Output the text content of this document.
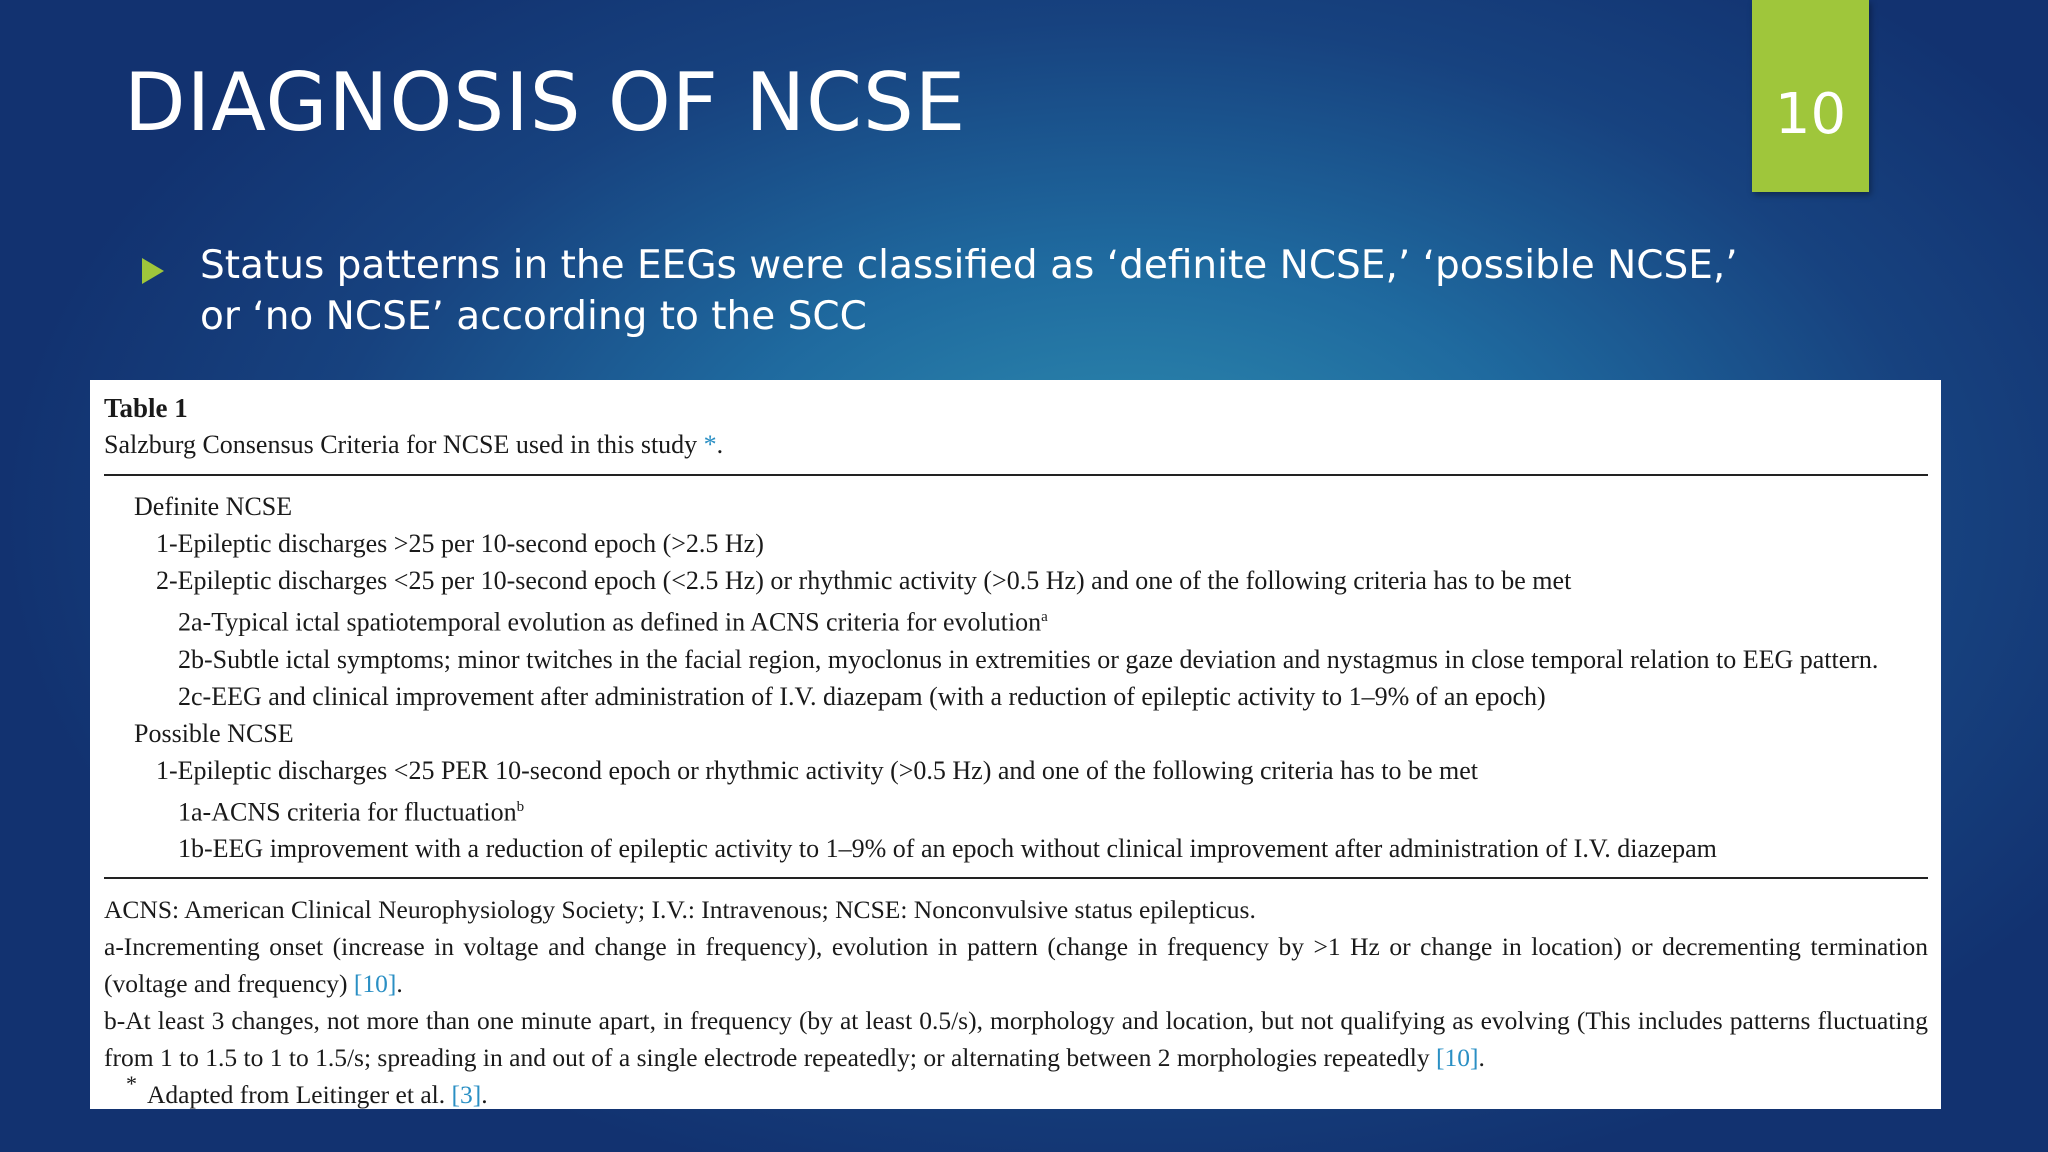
DIAGNOSIS OF NCSE	10
Status patterns in the EEGs were classified as ‘definite NCSE,’ ‘possible NCSE,’ or ‘no NCSE’ according to the SCC
Table 1
Salzburg Consensus Criteria for NCSE used in this study *.
Definite NCSE
1-Epileptic discharges >25 per 10-second epoch (>2.5 Hz)
2-Epileptic discharges <25 per 10-second epoch (<2.5 Hz) or rhythmic activity (>0.5 Hz) and one of the following criteria has to be met
2a-Typical ictal spatiotemporal evolution as defined in ACNS criteria for evolution$^a$
2b-Subtle ictal symptoms; minor twitches in the facial region, myoclonus in extremities or gaze deviation and nystagmus in close temporal relation to EEG pattern.
2c-EEG and clinical improvement after administration of I.V. diazepam (with a reduction of epileptic activity to 1–9% of an epoch)
Possible NCSE
1-Epileptic discharges <25 PER 10-second epoch or rhythmic activity (>0.5 Hz) and one of the following criteria has to be met
1a-ACNS criteria for fluctuation$^b$
1b-EEG improvement with a reduction of epileptic activity to 1–9% of an epoch without clinical improvement after administration of I.V. diazepam
ACNS: American Clinical Neurophysiology Society; I.V.: Intravenous; NCSE: Nonconvulsive status epilepticus.
a-Incrementing onset (increase in voltage and change in frequency), evolution in pattern (change in frequency by >1 Hz or change in location) or decrementing termination (voltage and frequency) [10].
b-At least 3 changes, not more than one minute apart, in frequency (by at least 0.5/s), morphology and location, but not qualifying as evolving (This includes patterns fluctuating from 1 to 1.5 to 1 to 1.5/s; spreading in and out of a single electrode repeatedly; or alternating between 2 morphologies repeatedly [10].
* Adapted from Leitinger et al. [3].
